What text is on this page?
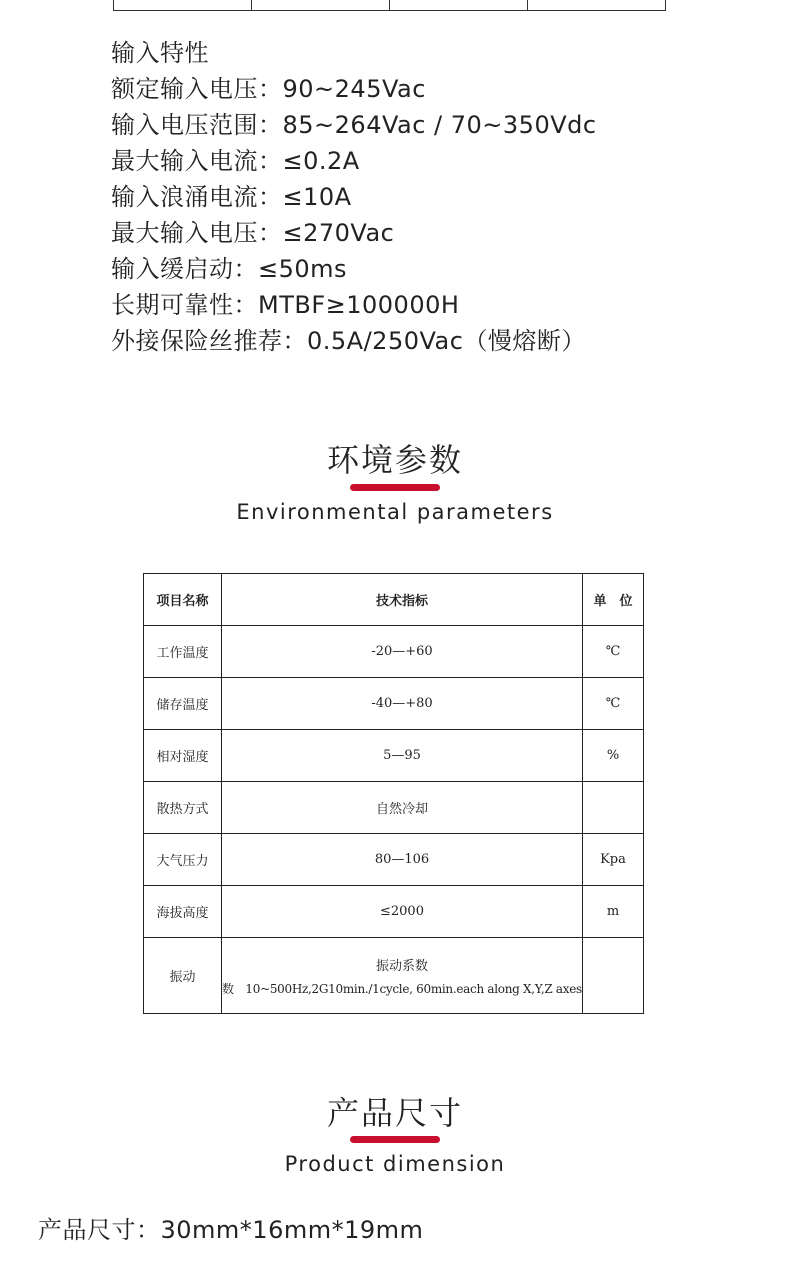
输入特性
额定输入电压：90~245Vac
输入电压范围：85~264Vac / 70~350Vdc
最大输入电流：≤0.2A
输入浪涌电流：≤10A
最大输入电压：≤270Vac
输入缓启动：≤50ms
长期可靠性：MTBF≥100000H
外接保险丝推荐：0.5A/250Vac（慢熔断）
环境参数
Environmental parameters
项目名称	技术指标	单　位
工作温度	-20—+60	℃
储存温度	-40—+80	℃
相对湿度	5—95	%
散热方式	自然冷却	
大气压力	80—106	Kpa
海拔高度	≤2000	m
振动	振动系数
数　10~500Hz,2G10min./1cycle, 60min.each along X,Y,Z axes	

产品尺寸
Product dimension
产品尺寸：30mm*16mm*19mm
